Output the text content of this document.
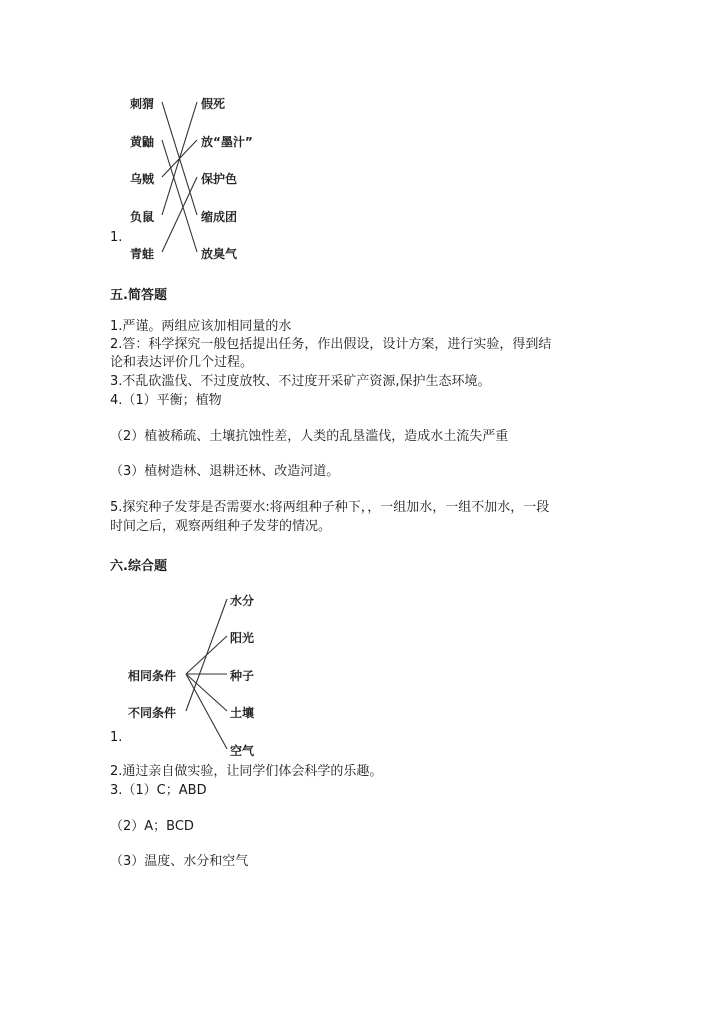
刺猬
黄鼬
乌贼
负鼠
青蛙
假死
放“墨汁”
保护色
缩成团
放臭气
1.
五.简答题
1.严谨。两组应该加相同量的水
2.答：科学探究一般包括提出任务，作出假设，设计方案，进行实验，得到结
论和表达评价几个过程。
3.不乱砍滥伐、不过度放牧、不过度开采矿产资源,保护生态环境。
4.（1）平衡；植物
（2）植被稀疏、土壤抗蚀性差，人类的乱垦滥伐，造成水土流失严重
（3）植树造林、退耕还林、改造河道。
5.探究种子发芽是否需要水:将两组种子种下，，一组加水，一组不加水，一段
时间之后，观察两组种子发芽的情况。
六.综合题
相同条件
不同条件
水分
阳光
种子
土壤
空气
1.
2.通过亲自做实验，让同学们体会科学的乐趣。
3.（1）C；ABD
（2）A；BCD
（3）温度、水分和空气
